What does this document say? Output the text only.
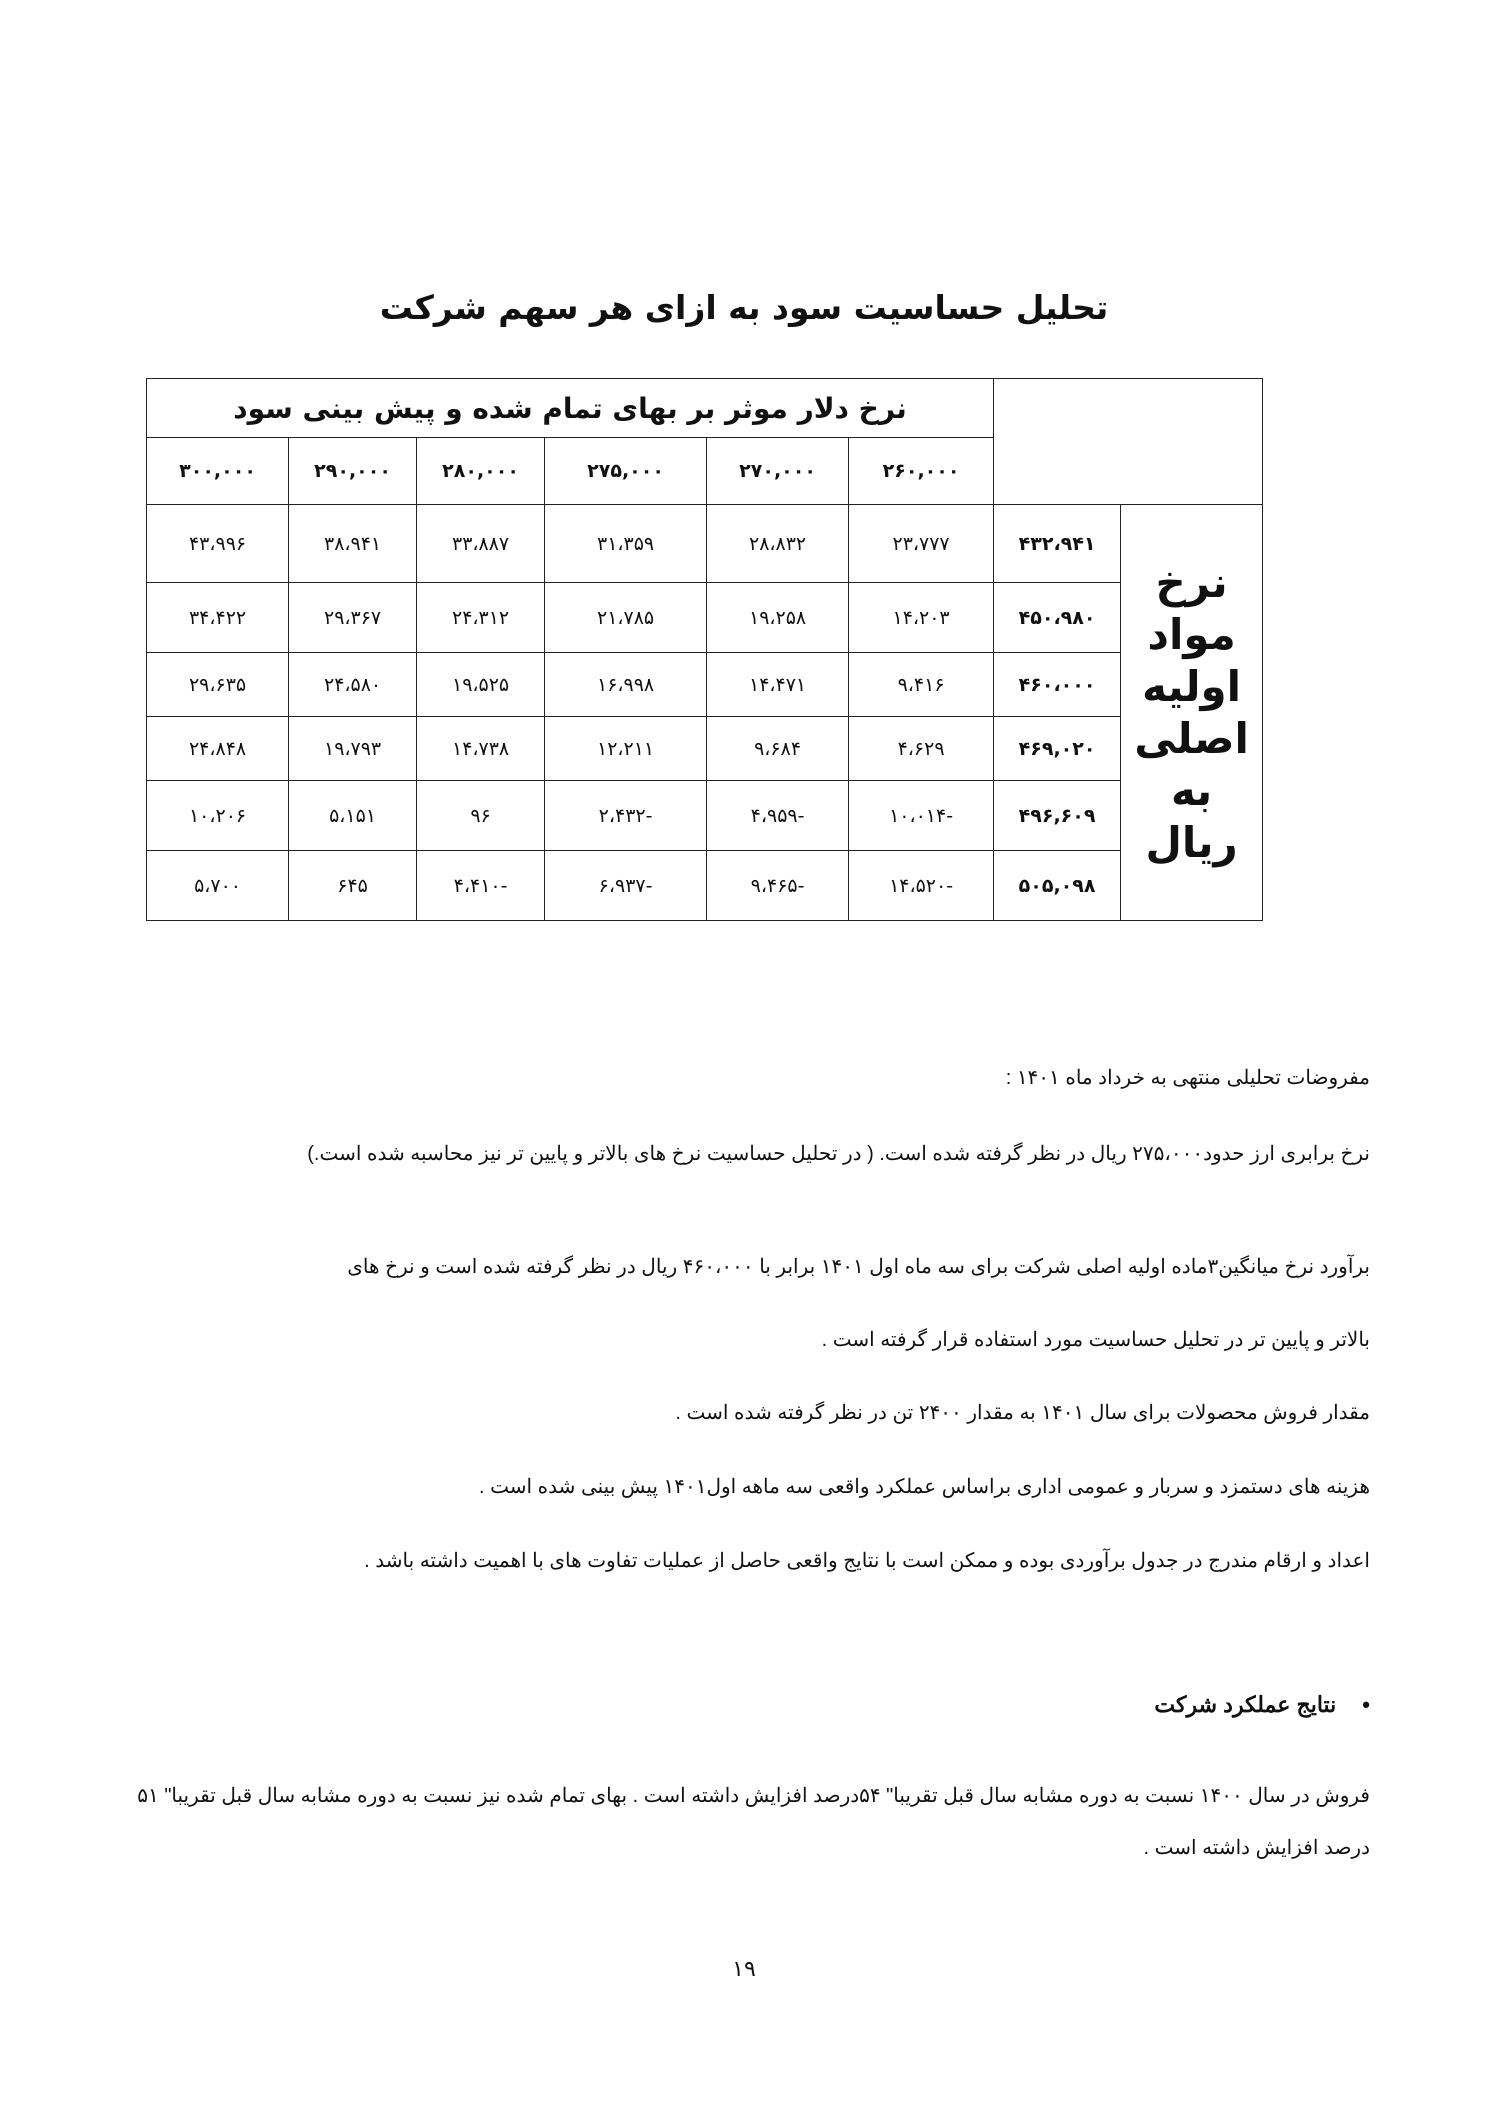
تحلیل حساسیت سود به ازای هر سهم شرکت
		نرخ دلار موثر بر بهای تمام شده و پیش بینی سود					
		۲۶۰,۰۰۰	۲۷۰,۰۰۰	۲۷۵,۰۰۰	۲۸۰,۰۰۰	۲۹۰,۰۰۰	۳۰۰,۰۰۰

نرخ
مواد
اولیه
اصلی
به ریال	۴۳۲،۹۴۱	۲۳،۷۷۷	۲۸،۸۳۲	۳۱،۳۵۹	۳۳،۸۸۷	۳۸،۹۴۱	۴۳،۹۹۶
	۴۵۰،۹۸۰	۱۴،۲۰۳	۱۹،۲۵۸	۲۱،۷۸۵	۲۴،۳۱۲	۲۹،۳۶۷	۳۴،۴۲۲
	۴۶۰،۰۰۰	۹،۴۱۶	۱۴،۴۷۱	۱۶،۹۹۸	۱۹،۵۲۵	۲۴،۵۸۰	۲۹،۶۳۵
	۴۶۹,۰۲۰	۴،۶۲۹	۹،۶۸۴	۱۲،۲۱۱	۱۴،۷۳۸	۱۹،۷۹۳	۲۴،۸۴۸
	۴۹۶,۶۰۹	-۱۰،۰۱۴	-۴،۹۵۹	-۲،۴۳۲	۹۶	۵،۱۵۱	۱۰،۲۰۶
	۵۰۵,۰۹۸	-۱۴،۵۲۰	-۹،۴۶۵	-۶،۹۳۷	-۴،۴۱۰	۶۴۵	۵،۷۰۰
مفروضات تحلیلی منتهی به خرداد ماه ۱۴۰۱ :
نرخ برابری ارز حدود۲۷۵،۰۰۰ ریال در نظر گرفته شده است. ( در تحلیل حساسیت نرخ های بالاتر و پایین تر نیز محاسبه شده است.)
برآورد نرخ میانگین۳ماده اولیه اصلی شرکت برای سه ماه اول ۱۴۰۱ برابر با ۴۶۰،۰۰۰ ریال در نظر گرفته شده است و نرخ های
بالاتر و پایین تر در تحلیل حساسیت مورد استفاده قرار گرفته است .
مقدار فروش محصولات برای سال ۱۴۰۱ به مقدار ۲۴۰۰ تن در نظر گرفته شده است .
هزینه های دستمزد و سربار و عمومی اداری براساس عملکرد واقعی سه ماهه اول۱۴۰۱ پیش بینی شده است .
اعداد و ارقام مندرج در جدول برآوردی بوده و ممکن است با نتایج واقعی حاصل از عملیات تفاوت های با اهمیت داشته باشد .
•نتایج عملکرد شرکت
فروش در سال ۱۴۰۰ نسبت به دوره مشابه سال قبل تقریبا" ۵۴درصد افزایش داشته است . بهای تمام شده نیز نسبت به دوره مشابه سال قبل تقریبا" ۵۱ درصد افزایش داشته است .
۱۹
